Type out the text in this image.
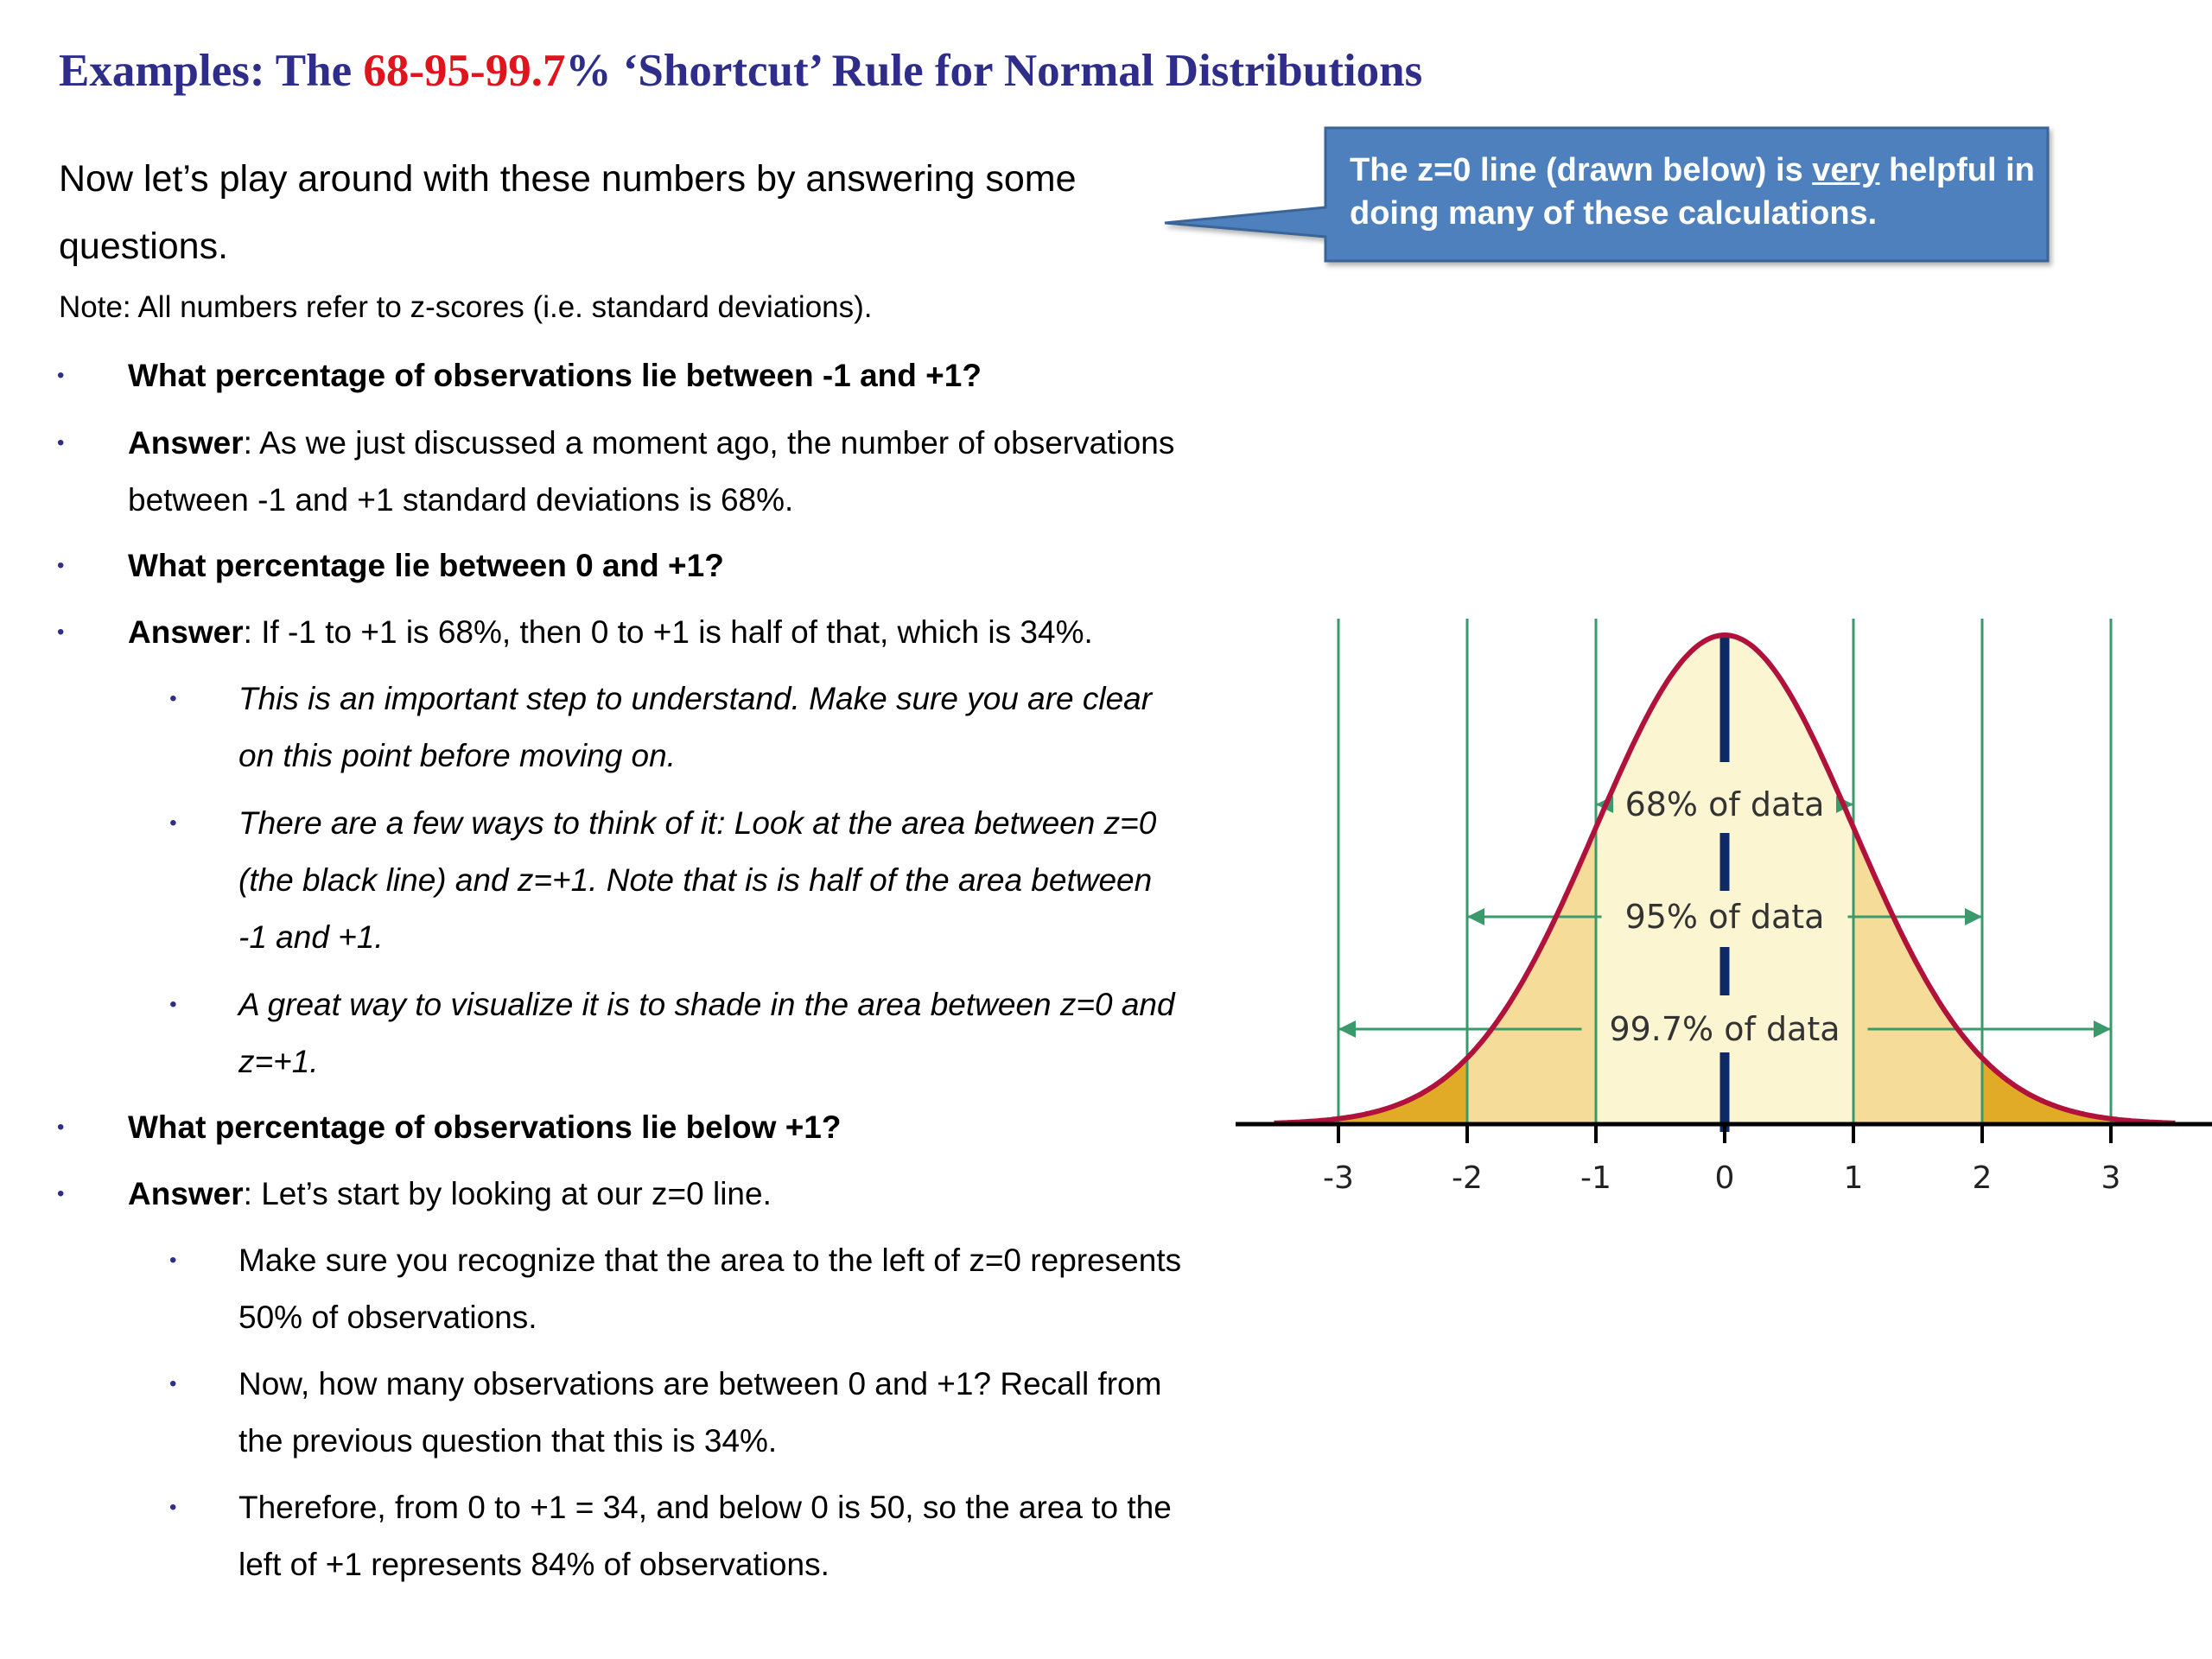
Examples: The 68-95-99.7% ‘Shortcut’ Rule for Normal Distributions

Now let’s play around with these numbers by answering some questions.

Note: All numbers refer to z-scores (i.e. standard deviations).

• What percentage of observations lie between -1 and +1?

• Answer: As we just discussed a moment ago, the number of observations between -1 and +1 standard deviations is 68%.

• What percentage lie between 0 and +1?

• Answer: If -1 to +1 is 68%, then 0 to +1 is half of that, which is 34%.

• This is an important step to understand. Make sure you are clear on this point before moving on.

• There are a few ways to think of it: Look at the area between z=0 (the black line) and z=+1. Note that is is half of the area between -1 and +1.

• A great way to visualize it is to shade in the area between z=0 and z=+1.

• What percentage of observations lie below +1?

• Answer: Let’s start by looking at our z=0 line.

• Make sure you recognize that the area to the left of z=0 represents 50% of observations.

• Now, how many observations are between 0 and +1? Recall from the previous question that this is 34%.

• Therefore, from 0 to +1 = 34, and below 0 is 50, so the area to the left of +1 represents 84% of observations.

The z=0 line (drawn below) is very helpful in doing many of these calculations.

68% of data
95% of data
99.7% of data
-3	-2	-1	0	1	2	3
